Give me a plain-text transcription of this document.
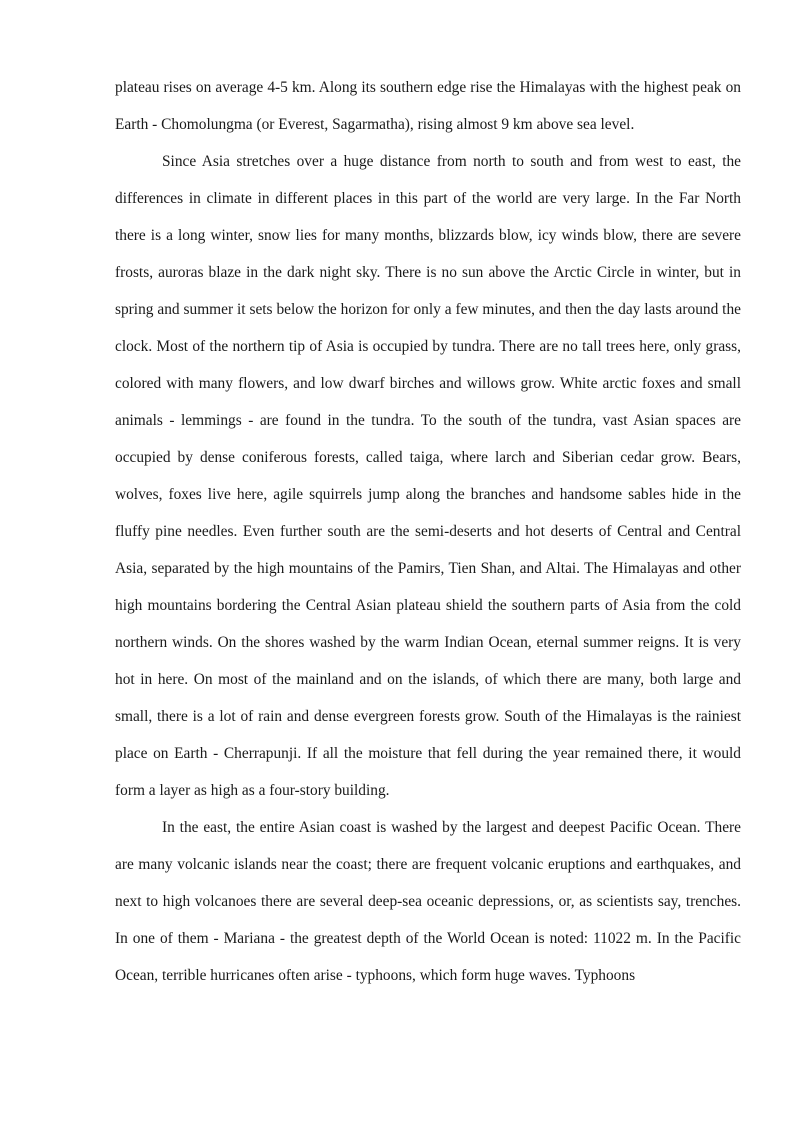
plateau rises on average 4-5 km. Along its southern edge rise the Himalayas with the highest peak on Earth - Chomolungma (or Everest, Sagarmatha), rising almost 9 km above sea level.

Since Asia stretches over a huge distance from north to south and from west to east, the differences in climate in different places in this part of the world are very large. In the Far North there is a long winter, snow lies for many months, blizzards blow, icy winds blow, there are severe frosts, auroras blaze in the dark night sky. There is no sun above the Arctic Circle in winter, but in spring and summer it sets below the horizon for only a few minutes, and then the day lasts around the clock. Most of the northern tip of Asia is occupied by tundra. There are no tall trees here, only grass, colored with many flowers, and low dwarf birches and willows grow. White arctic foxes and small animals - lemmings - are found in the tundra. To the south of the tundra, vast Asian spaces are occupied by dense coniferous forests, called taiga, where larch and Siberian cedar grow. Bears, wolves, foxes live here, agile squirrels jump along the branches and handsome sables hide in the fluffy pine needles. Even further south are the semi-deserts and hot deserts of Central and Central Asia, separated by the high mountains of the Pamirs, Tien Shan, and Altai. The Himalayas and other high mountains bordering the Central Asian plateau shield the southern parts of Asia from the cold northern winds. On the shores washed by the warm Indian Ocean, eternal summer reigns. It is very hot in here. On most of the mainland and on the islands, of which there are many, both large and small, there is a lot of rain and dense evergreen forests grow. South of the Himalayas is the rainiest place on Earth - Cherrapunji. If all the moisture that fell during the year remained there, it would form a layer as high as a four-story building.

In the east, the entire Asian coast is washed by the largest and deepest Pacific Ocean. There are many volcanic islands near the coast; there are frequent volcanic eruptions and earthquakes, and next to high volcanoes there are several deep-sea oceanic depressions, or, as scientists say, trenches. In one of them - Mariana - the greatest depth of the World Ocean is noted: 11022 m. In the Pacific Ocean, terrible hurricanes often arise - typhoons, which form huge waves. Typhoons
